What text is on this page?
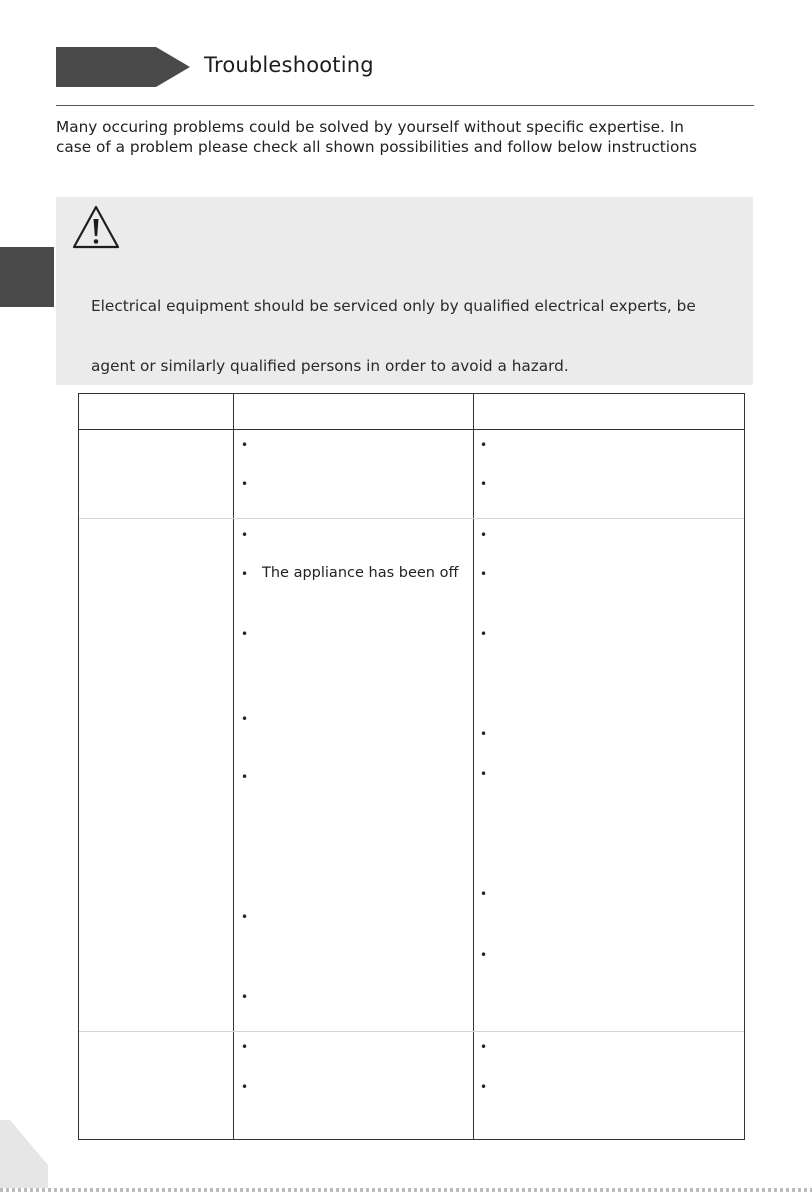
Troubleshooting
Many occuring problems could be solved by yourself without specific expertise. In
case of a problem please check all shown possibilities and follow below instructions
Electrical equipment should be serviced only by qualified electrical experts, be
agent or similarly qualified persons in order to avoid a hazard.
•
•
•
• The appliance has been off
•
•
•
•
•
•
•
•
•
•
•
•
•
•
•
•
•
•
